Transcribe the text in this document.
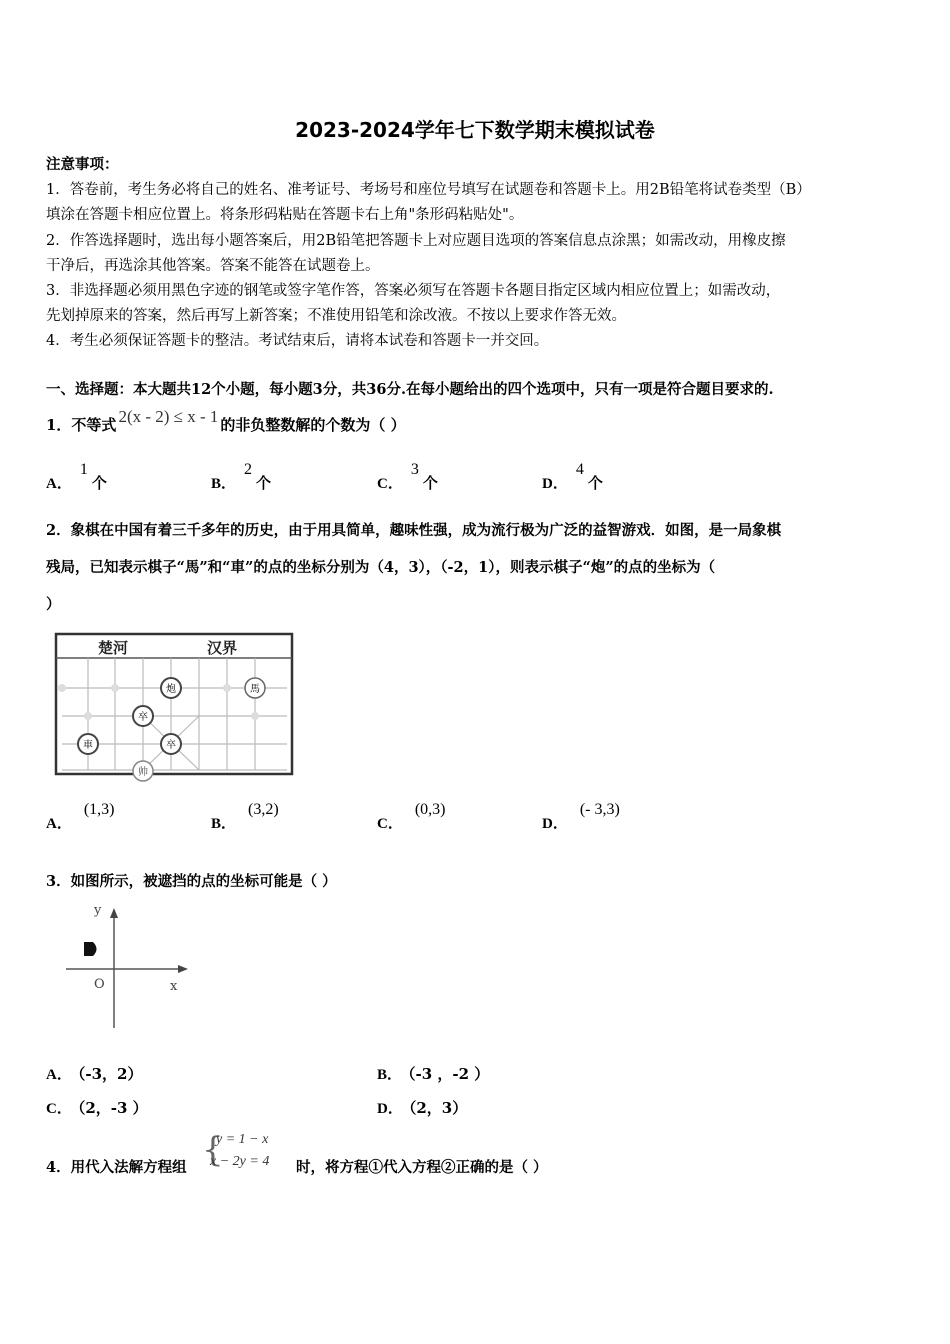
2023-2024学年七下数学期末模拟试卷
注意事项：
1．答卷前，考生务必将自己的姓名、准考证号、考场号和座位号填写在试题卷和答题卡上。用2B铅笔将试卷类型（B）
填涂在答题卡相应位置上。将条形码粘贴在答题卡右上角"条形码粘贴处"。
2．作答选择题时，选出每小题答案后，用2B铅笔把答题卡上对应题目选项的答案信息点涂黑；如需改动，用橡皮擦
干净后，再选涂其他答案。答案不能答在试题卷上。
3．非选择题必须用黑色字迹的钢笔或签字笔作答，答案必须写在答题卡各题目指定区域内相应位置上；如需改动，
先划掉原来的答案，然后再写上新答案；不准使用铅笔和涂改液。不按以上要求作答无效。
4．考生必须保证答题卡的整洁。考试结束后，请将本试卷和答题卡一并交回。
一、选择题：本大题共12个小题，每小题3分，共36分.在每小题给出的四个选项中，只有一项是符合题目要求的.
1．不等式 2(x - 2) ≤ x - 1 的非负整数解的个数为（ ）
A．1个	B．2个	C．3个	D．4个
2．象棋在中国有着三千多年的历史，由于用具简单，趣味性强，成为流行极为广泛的益智游戏．如图，是一局象棋
残局，已知表示棋子“馬”和“車”的点的坐标分别为（4，3），（-2，1），则表示棋子“炮”的点的坐标为（
）
楚河	汉界
炮	馬
卒
車	卒
帅
A．(1,3)
B．(3,2)
C．(0,3)
D．(- 3,3)
3．如图所示，被遮挡的点的坐标可能是（ ）
y
x
O
A． （-3，2）	B． （-3 ，-2 ）
C． （2，-3 ）	D． （2，3）
4．用代入法解方程组 {
y = 1 − x
x − 2y = 4 时，将方程①代入方程②正确的是（ ）
